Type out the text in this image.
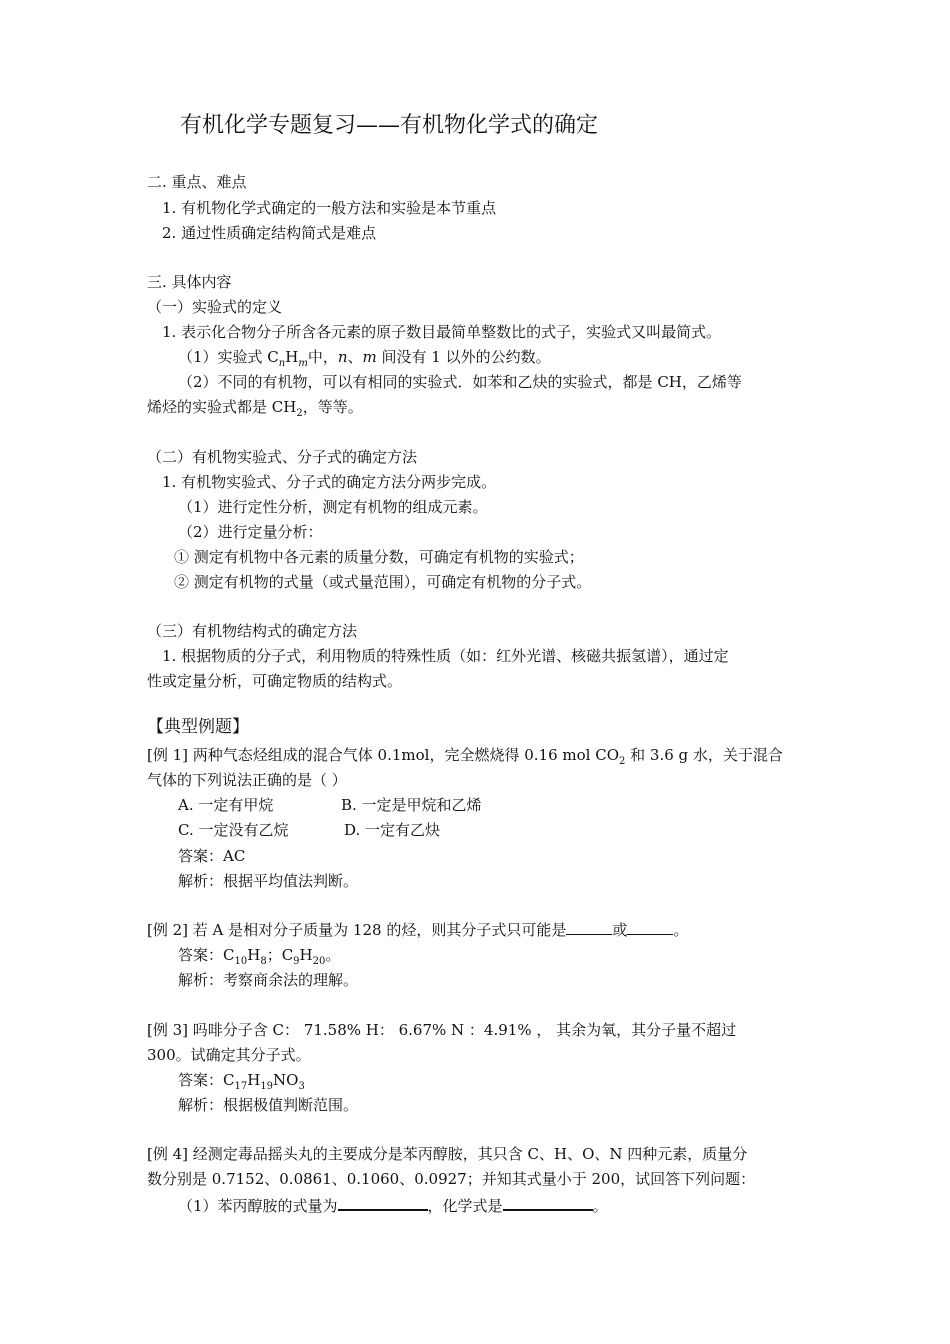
有机化学专题复习——有机物化学式的确定
二. 重点、难点
1. 有机物化学式确定的一般方法和实验是本节重点
2. 通过性质确定结构简式是难点
三. 具体内容
（一）实验式的定义
1. 表示化合物分子所含各元素的原子数目最简单整数比的式子，实验式又叫最简式。
（1）实验式 $C_nH_m$中，n、m 间没有 1 以外的公约数。
（2）不同的有机物，可以有相同的实验式．如苯和乙炔的实验式，都是 CH，乙烯等
烯烃的实验式都是 $CH_2$，等等。
（二）有机物实验式、分子式的确定方法
1. 有机物实验式、分子式的确定方法分两步完成。
（1）进行定性分析，测定有机物的组成元素。
（2）进行定量分析：
① 测定有机物中各元素的质量分数，可确定有机物的实验式；
② 测定有机物的式量（或式量范围），可确定有机物的分子式。
（三）有机物结构式的确定方法
1. 根据物质的分子式，利用物质的特殊性质（如：红外光谱、核磁共振氢谱），通过定
性或定量分析，可确定物质的结构式。
【典型例题】
[例 1] 两种气态烃组成的混合气体 0.1mol，完全燃烧得 0.16 mol $CO_2$ 和 3.6 g 水，关于混合
气体的下列说法正确的是（ ）
A. 一定有甲烷	B. 一定是甲烷和乙烯
C. 一定没有乙烷	D. 一定有乙炔
答案：AC
解析：根据平均值法判断。
[例 2] 若 A 是相对分子质量为 128 的烃，则其分子式只可能是	或	。
答案：$C_{10}H_8$；$C_9H_{20}$。
解析：考察商余法的理解。
[例 3] 吗啡分子含 C： 71.58% H： 6.67% N ：4.91% ， 其余为氧，其分子量不超过
300。试确定其分子式。
答案：$C_{17}H_{19}NO_3$
解析：根据极值判断范围。
[例 4] 经测定毒品摇头丸的主要成分是苯丙醇胺，其只含 C、H、O、N 四种元素，质量分
数分别是 0.7152、0.0861、0.1060、0.0927；并知其式量小于 200，试回答下列问题：
（1）苯丙醇胺的式量为	，化学式是	。
